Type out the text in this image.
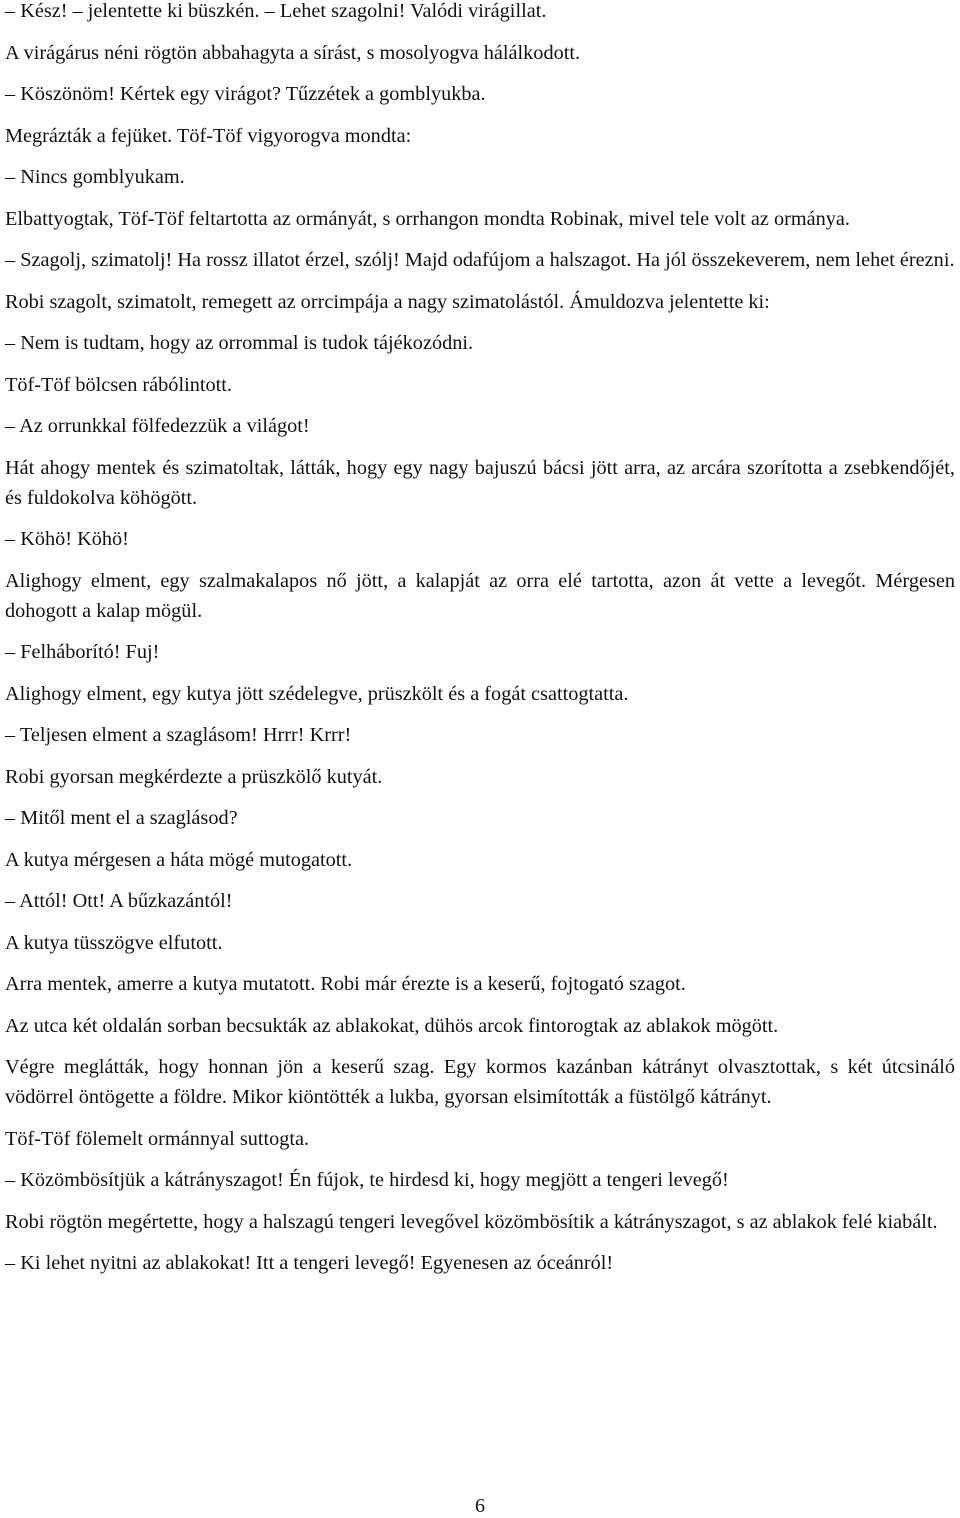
– Kész! – jelentette ki büszkén. – Lehet szagolni! Valódi virágillat.

A virágárus néni rögtön abbahagyta a sírást, s mosolyogva hálálkodott.

– Köszönöm! Kértek egy virágot? Tűzzétek a gomblyukba.

Megrázták a fejüket. Töf-Töf vigyorogva mondta:

– Nincs gomblyukam.

Elbattyogtak, Töf-Töf feltartotta az ormányát, s orrhangon mondta Robinak, mivel tele volt az ormánya.

– Szagolj, szimatolj! Ha rossz illatot érzel, szólj! Majd odafújom a halszagot. Ha jól összekeverem, nem lehet érezni.

Robi szagolt, szimatolt, remegett az orrcimpája a nagy szimatolástól. Ámuldozva jelentette ki:

– Nem is tudtam, hogy az orrommal is tudok tájékozódni.

Töf-Töf bölcsen rábólintott.

– Az orrunkkal fölfedezzük a világot!

Hát ahogy mentek és szimatoltak, látták, hogy egy nagy bajuszú bácsi jött arra, az arcára szorította a zsebkendőjét, és fuldokolva köhögött.

– Köhö! Köhö!

Alighogy elment, egy szalmakalapos nő jött, a kalapját az orra elé tartotta, azon át vette a levegőt. Mérgesen dohogott a kalap mögül.

– Felháborító! Fuj!

Alighogy elment, egy kutya jött szédelegve, prüszkölt és a fogát csattogtatta.

– Teljesen elment a szaglásom! Hrrr! Krrr!

Robi gyorsan megkérdezte a prüszkölő kutyát.

– Mitől ment el a szaglásod?

A kutya mérgesen a háta mögé mutogatott.

– Attól! Ott! A bűzkazántól!

A kutya tüsszögve elfutott.

Arra mentek, amerre a kutya mutatott. Robi már érezte is a keserű, fojtogató szagot.

Az utca két oldalán sorban becsukták az ablakokat, dühös arcok fintorogtak az ablakok mögött.

Végre meglátták, hogy honnan jön a keserű szag. Egy kormos kazánban kátrányt olvasztottak, s két útcsináló vödörrel öntögette a földre. Mikor kiöntötték a lukba, gyorsan elsimították a füstölgő kátrányt.

Töf-Töf fölemelt ormánnyal suttogta.

– Közömbösítjük a kátrányszagot! Én fújok, te hirdesd ki, hogy megjött a tengeri levegő!

Robi rögtön megértette, hogy a halszagú tengeri levegővel közömbösítik a kátrányszagot, s az ablakok felé kiabált.

– Ki lehet nyitni az ablakokat! Itt a tengeri levegő! Egyenesen az óceánról!

6
